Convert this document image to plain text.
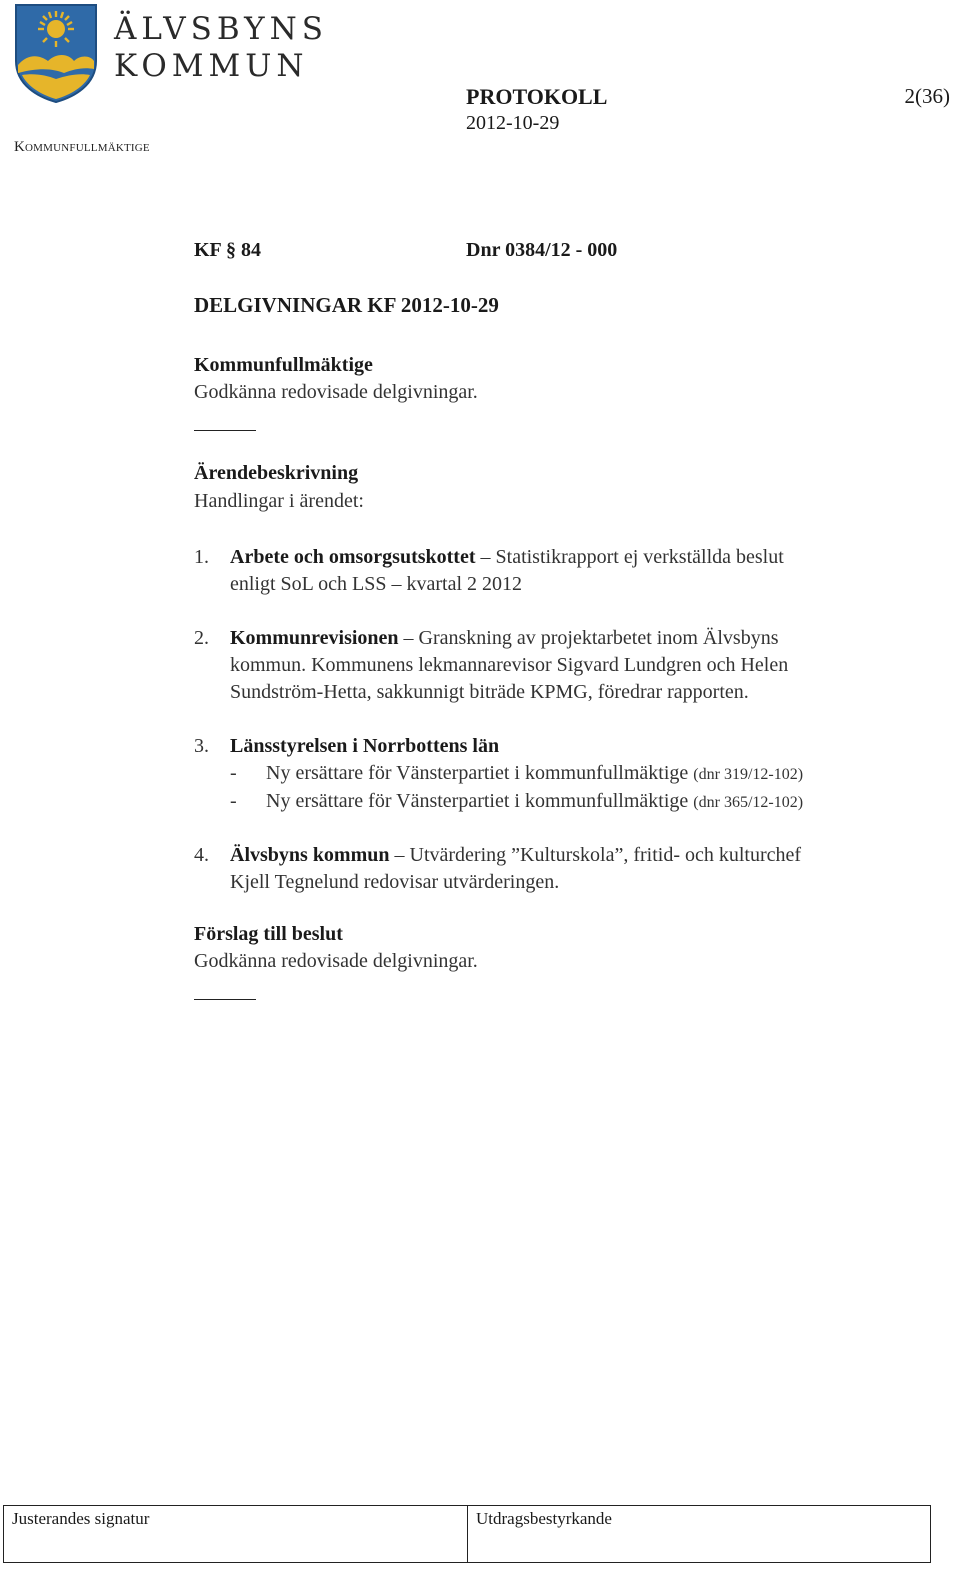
ÄLVSBYNS
KOMMUN
Kommunfullmäktige
PROTOKOLL	2(36)
2012-10-29
KF § 84	Dnr 0384/12 - 000
DELGIVNINGAR KF 2012-10-29
Kommunfullmäktige
Godkänna redovisade delgivningar.
Ärendebeskrivning
Handlingar i ärendet:
1. Arbete och omsorgsutskottet – Statistikrapport ej verkställda beslut
enligt SoL och LSS – kvartal 2 2012
2. Kommunrevisionen – Granskning av projektarbetet inom Älvsbyns
kommun. Kommunens lekmannarevisor Sigvard Lundgren och Helen
Sundström-Hetta, sakkunnigt biträde KPMG, föredrar rapporten.
3. Länsstyrelsen i Norrbottens län
- Ny ersättare för Vänsterpartiet i kommunfullmäktige (dnr 319/12-102)
- Ny ersättare för Vänsterpartiet i kommunfullmäktige (dnr 365/12-102)
4. Älvsbyns kommun – Utvärdering ”Kulturskola”, fritid- och kulturchef
Kjell Tegnelund redovisar utvärderingen.
Förslag till beslut
Godkänna redovisade delgivningar.
Justerandes signatur	Utdragsbestyrkande
